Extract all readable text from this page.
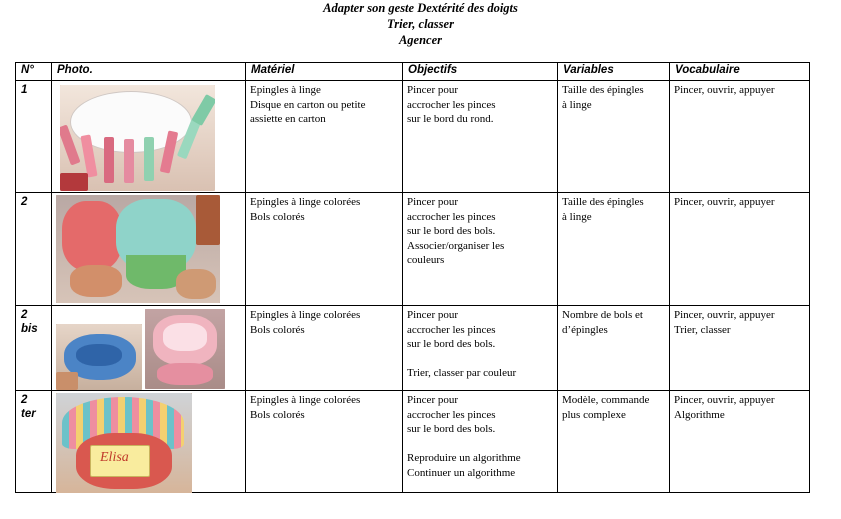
Adapter son geste Dextérité des doigts
Trier, classer
Agencer
N°	Photo.	Matériel	Objectifs	Variables	Vocabulaire

1		Epingles à linge
Disque en carton ou petite
assiette en carton	Pincer pour
accrocher les pinces
sur le bord du rond.	Taille des épingles
à linge	Pincer, ouvrir, appuyer

2		Epingles à linge colorées
Bols colorés	Pincer pour
accrocher les pinces
sur le bord des bols.
Associer/organiser les
couleurs	Taille des épingles
à linge	Pincer, ouvrir, appuyer

2
bis		Epingles à linge colorées
Bols colorés	Pincer pour
accrocher les pinces
sur le bord des bols.
Trier, classer par couleur	Nombre de bols et
d’épingles	Pincer, ouvrir, appuyer
Trier, classer

2
ter	Elisa	Epingles à linge colorées
Bols colorés	Pincer pour
accrocher les pinces
sur le bord des bols.
Reproduire un algorithme
Continuer un algorithme	Modèle, commande
plus complexe	Pincer, ouvrir, appuyer
Algorithme
